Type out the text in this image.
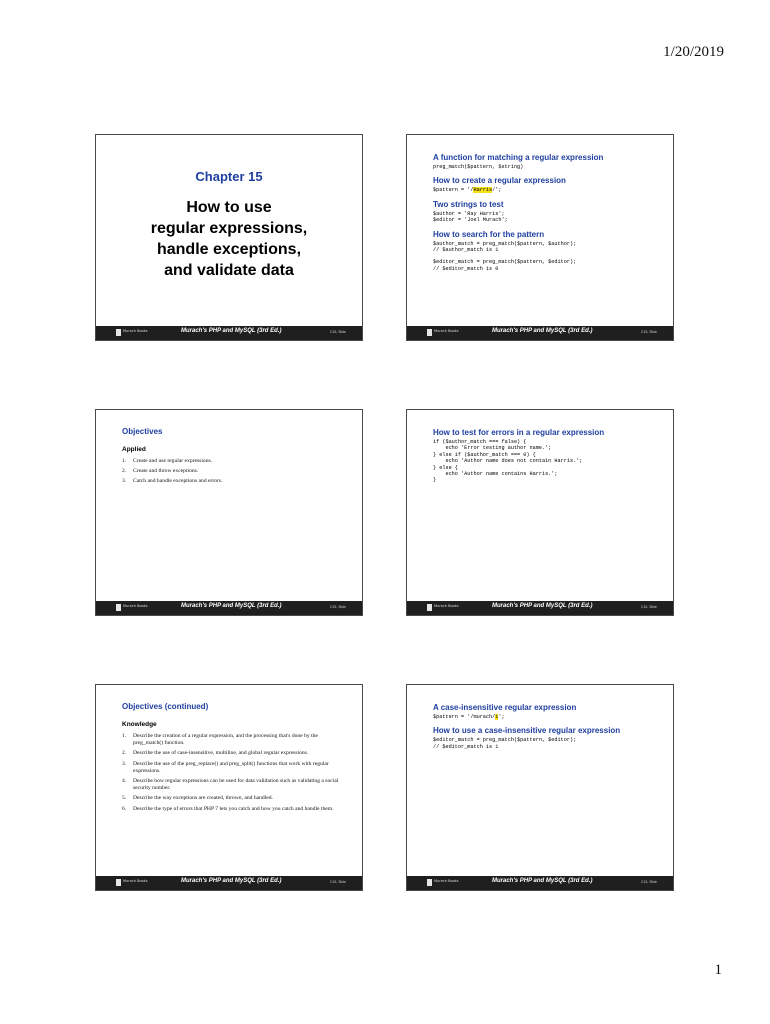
1/20/2019
Chapter 15
How to use
regular expressions,
handle exceptions,
and validate data
Murach Books	Murach's PHP and MySQL (3rd Ed.)	C15, Slide
A function for matching a regular expression
preg_match($pattern, $string)
How to create a regular expression
$pattern = '/Harris/';
Two strings to test
$author = 'Ray Harris';
$editor = 'Joel Murach';
How to search for the pattern
$author_match = preg_match($pattern, $author);
// $author_match is 1
$editor_match = preg_match($pattern, $editor);
// $editor_match is 0
Murach Books	Murach's PHP and MySQL (3rd Ed.)	C15, Slide
Objectives
Applied
1.	Create and use regular expressions.
2.	Create and throw exceptions.
3.	Catch and handle exceptions and errors.
Murach Books	Murach's PHP and MySQL (3rd Ed.)	C15, Slide
How to test for errors in a regular expression
if ($author_match === false) {
echo 'Error testing author name.';
} else if ($author_match === 0) {
echo 'Author name does not contain Harris.';
} else {
echo 'Author name contains Harris.';
}
Murach Books	Murach's PHP and MySQL (3rd Ed.)	C15, Slide
Objectives (continued)
Knowledge
1.	Describe the creation of a regular expression, and the processing that's done by the preg_match() function.
2.	Describe the use of case-insensitive, multiline, and global regular expressions.
3.	Describe the use of the preg_replace() and preg_split() functions that work with regular expressions.
4.	Describe how regular expressions can be used for data validation such as validating a social security number.
5.	Describe the way exceptions are created, thrown, and handled.
6.	Describe the type of errors that PHP 7 lets you catch and how you catch and handle them.
Murach Books	Murach's PHP and MySQL (3rd Ed.)	C15, Slide
A case-insensitive regular expression
$pattern = '/murach/i';
How to use a case-insensitive regular expression
$editor_match = preg_match($pattern, $editor);
// $editor_match is 1
Murach Books	Murach's PHP and MySQL (3rd Ed.)	C15, Slide
1
